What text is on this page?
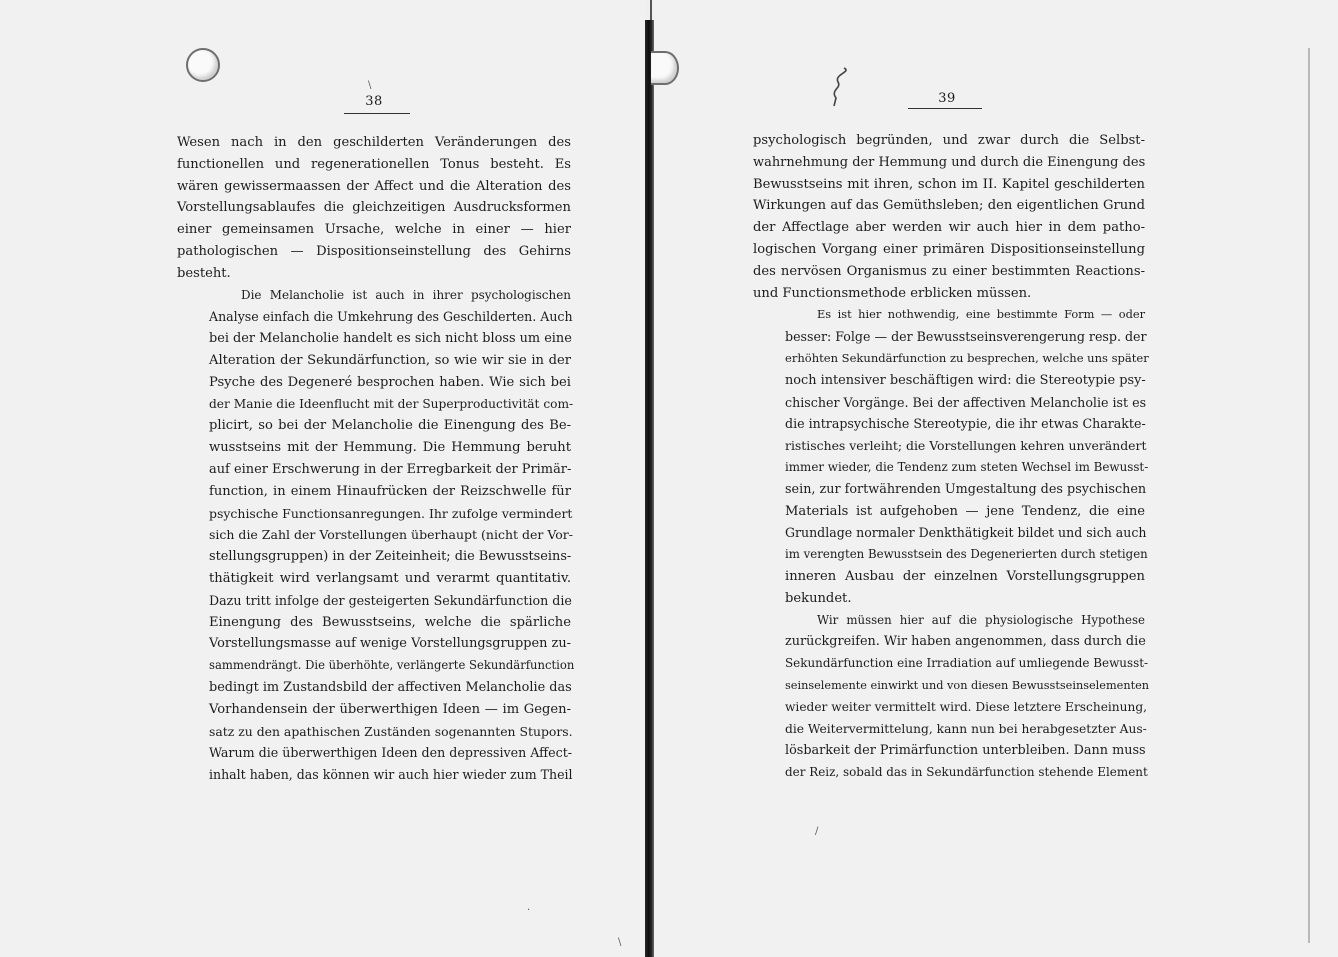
\
38

Wesen nach in den geschilderten Veränderungen des
functionellen und regenerationellen Tonus besteht. Es
wären gewissermaassen der Affect und die Alteration des
Vorstellungsablaufes die gleichzeitigen Ausdrucksformen
einer gemeinsamen Ursache, welche in einer — hier
pathologischen — Dispositionseinstellung des Gehirns
besteht.

Die Melancholie ist auch in ihrer psychologischen
Analyse einfach die Umkehrung des Geschilderten. Auch
bei der Melancholie handelt es sich nicht bloss um eine
Alteration der Sekundärfunction, so wie wir sie in der
Psyche des Degeneré besprochen haben. Wie sich bei
der Manie die Ideenflucht mit der Superproductivität com-
plicirt, so bei der Melancholie die Einengung des Be-
wusstseins mit der Hemmung. Die Hemmung beruht
auf einer Erschwerung in der Erregbarkeit der Primär-
function, in einem Hinaufrücken der Reizschwelle für
psychische Functionsanregungen. Ihr zufolge vermindert
sich die Zahl der Vorstellungen überhaupt (nicht der Vor-
stellungsgruppen) in der Zeiteinheit; die Bewusstseins-
thätigkeit wird verlangsamt und verarmt quantitativ.
Dazu tritt infolge der gesteigerten Sekundärfunction die
Einengung des Bewusstseins, welche die spärliche
Vorstellungsmasse auf wenige Vorstellungsgruppen zu-
sammendrängt. Die überhöhte, verlängerte Sekundärfunction
bedingt im Zustandsbild der affectiven Melancholie das
Vorhandensein der überwerthigen Ideen — im Gegen-
satz zu den apathischen Zuständen sogenannten Stupors.
Warum die überwerthigen Ideen den depressiven Affect-
inhalt haben, das können wir auch hier wieder zum Theil

·
\
39
/

psychologisch begründen, und zwar durch die Selbst-
wahrnehmung der Hemmung und durch die Einengung des
Bewusstseins mit ihren, schon im II. Kapitel geschilderten
Wirkungen auf das Gemüthsleben; den eigentlichen Grund
der Affectlage aber werden wir auch hier in dem patho-
logischen Vorgang einer primären Dispositionseinstellung
des nervösen Organismus zu einer bestimmten Reactions-
und Functionsmethode erblicken müssen.

Es ist hier nothwendig, eine bestimmte Form — oder
besser: Folge — der Bewusstseinsverengerung resp. der
erhöhten Sekundärfunction zu besprechen, welche uns später
noch intensiver beschäftigen wird: die Stereotypie psy-
chischer Vorgänge. Bei der affectiven Melancholie ist es
die intrapsychische Stereotypie, die ihr etwas Charakte-
ristisches verleiht; die Vorstellungen kehren unverändert
immer wieder, die Tendenz zum steten Wechsel im Bewusst-
sein, zur fortwährenden Umgestaltung des psychischen
Materials ist aufgehoben — jene Tendenz, die eine
Grundlage normaler Denkthätigkeit bildet und sich auch
im verengten Bewusstsein des Degenerierten durch stetigen
inneren Ausbau der einzelnen Vorstellungsgruppen
bekundet.

Wir müssen hier auf die physiologische Hypothese
zurückgreifen. Wir haben angenommen, dass durch die
Sekundärfunction eine Irradiation auf umliegende Bewusst-
seinselemente einwirkt und von diesen Bewusstseinselementen
wieder weiter vermittelt wird. Diese letztere Erscheinung,
die Weitervermittelung, kann nun bei herabgesetzter Aus-
lösbarkeit der Primärfunction unterbleiben. Dann muss
der Reiz, sobald das in Sekundärfunction stehende Element
